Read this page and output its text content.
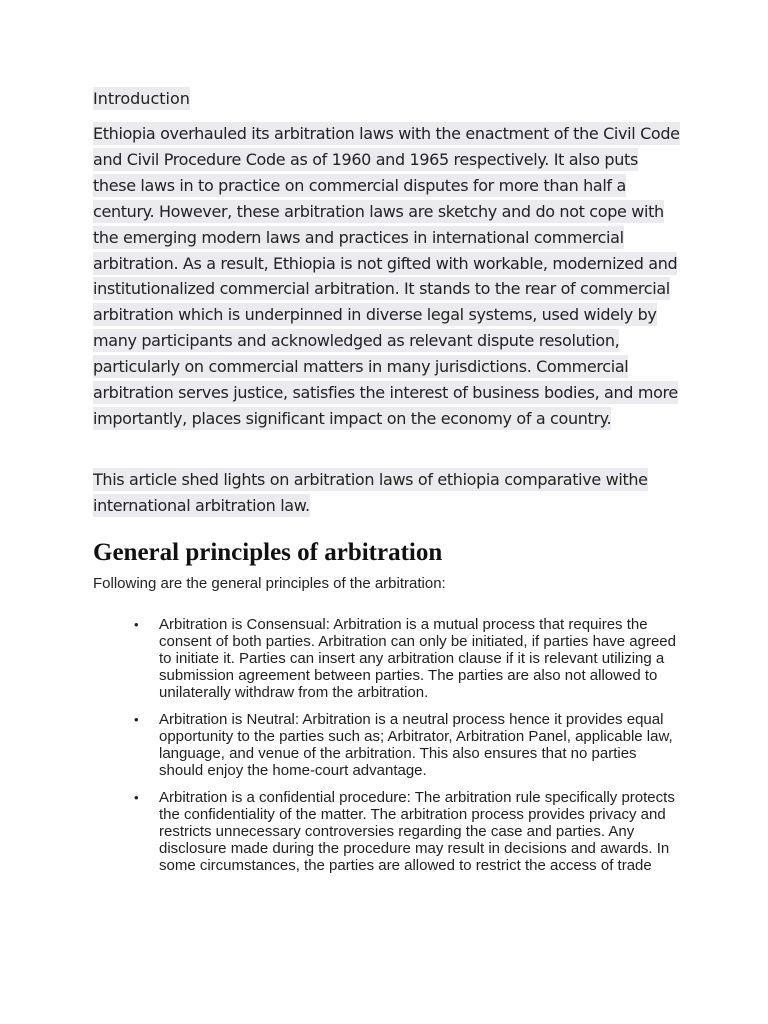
Introduction

Ethiopia overhauled its arbitration laws with the enactment of the Civil Code and Civil Procedure Code as of 1960 and 1965 respectively. It also puts these laws in to practice on commercial disputes for more than half a century. However, these arbitration laws are sketchy and do not cope with the emerging modern laws and practices in international commercial arbitration. As a result, Ethiopia is not gifted with workable, modernized and institutionalized commercial arbitration. It stands to the rear of commercial arbitration which is underpinned in diverse legal systems, used widely by many participants and acknowledged as relevant dispute resolution, particularly on commercial matters in many jurisdictions. Commercial arbitration serves justice, satisfies the interest of business bodies, and more importantly, places significant impact on the economy of a country.

This article shed lights on arbitration laws of ethiopia comparative withe international arbitration law.

General principles of arbitration

Following are the general principles of the arbitration:

• Arbitration is Consensual: Arbitration is a mutual process that requires the consent of both parties. Arbitration can only be initiated, if parties have agreed to initiate it. Parties can insert any arbitration clause if it is relevant utilizing a submission agreement between parties. The parties are also not allowed to unilaterally withdraw from the arbitration.
• Arbitration is Neutral: Arbitration is a neutral process hence it provides equal opportunity to the parties such as; Arbitrator, Arbitration Panel, applicable law, language, and venue of the arbitration. This also ensures that no parties should enjoy the home-court advantage.
• Arbitration is a confidential procedure: The arbitration rule specifically protects the confidentiality of the matter. The arbitration process provides privacy and restricts unnecessary controversies regarding the case and parties. Any disclosure made during the procedure may result in decisions and awards. In some circumstances, the parties are allowed to restrict the access of trade
